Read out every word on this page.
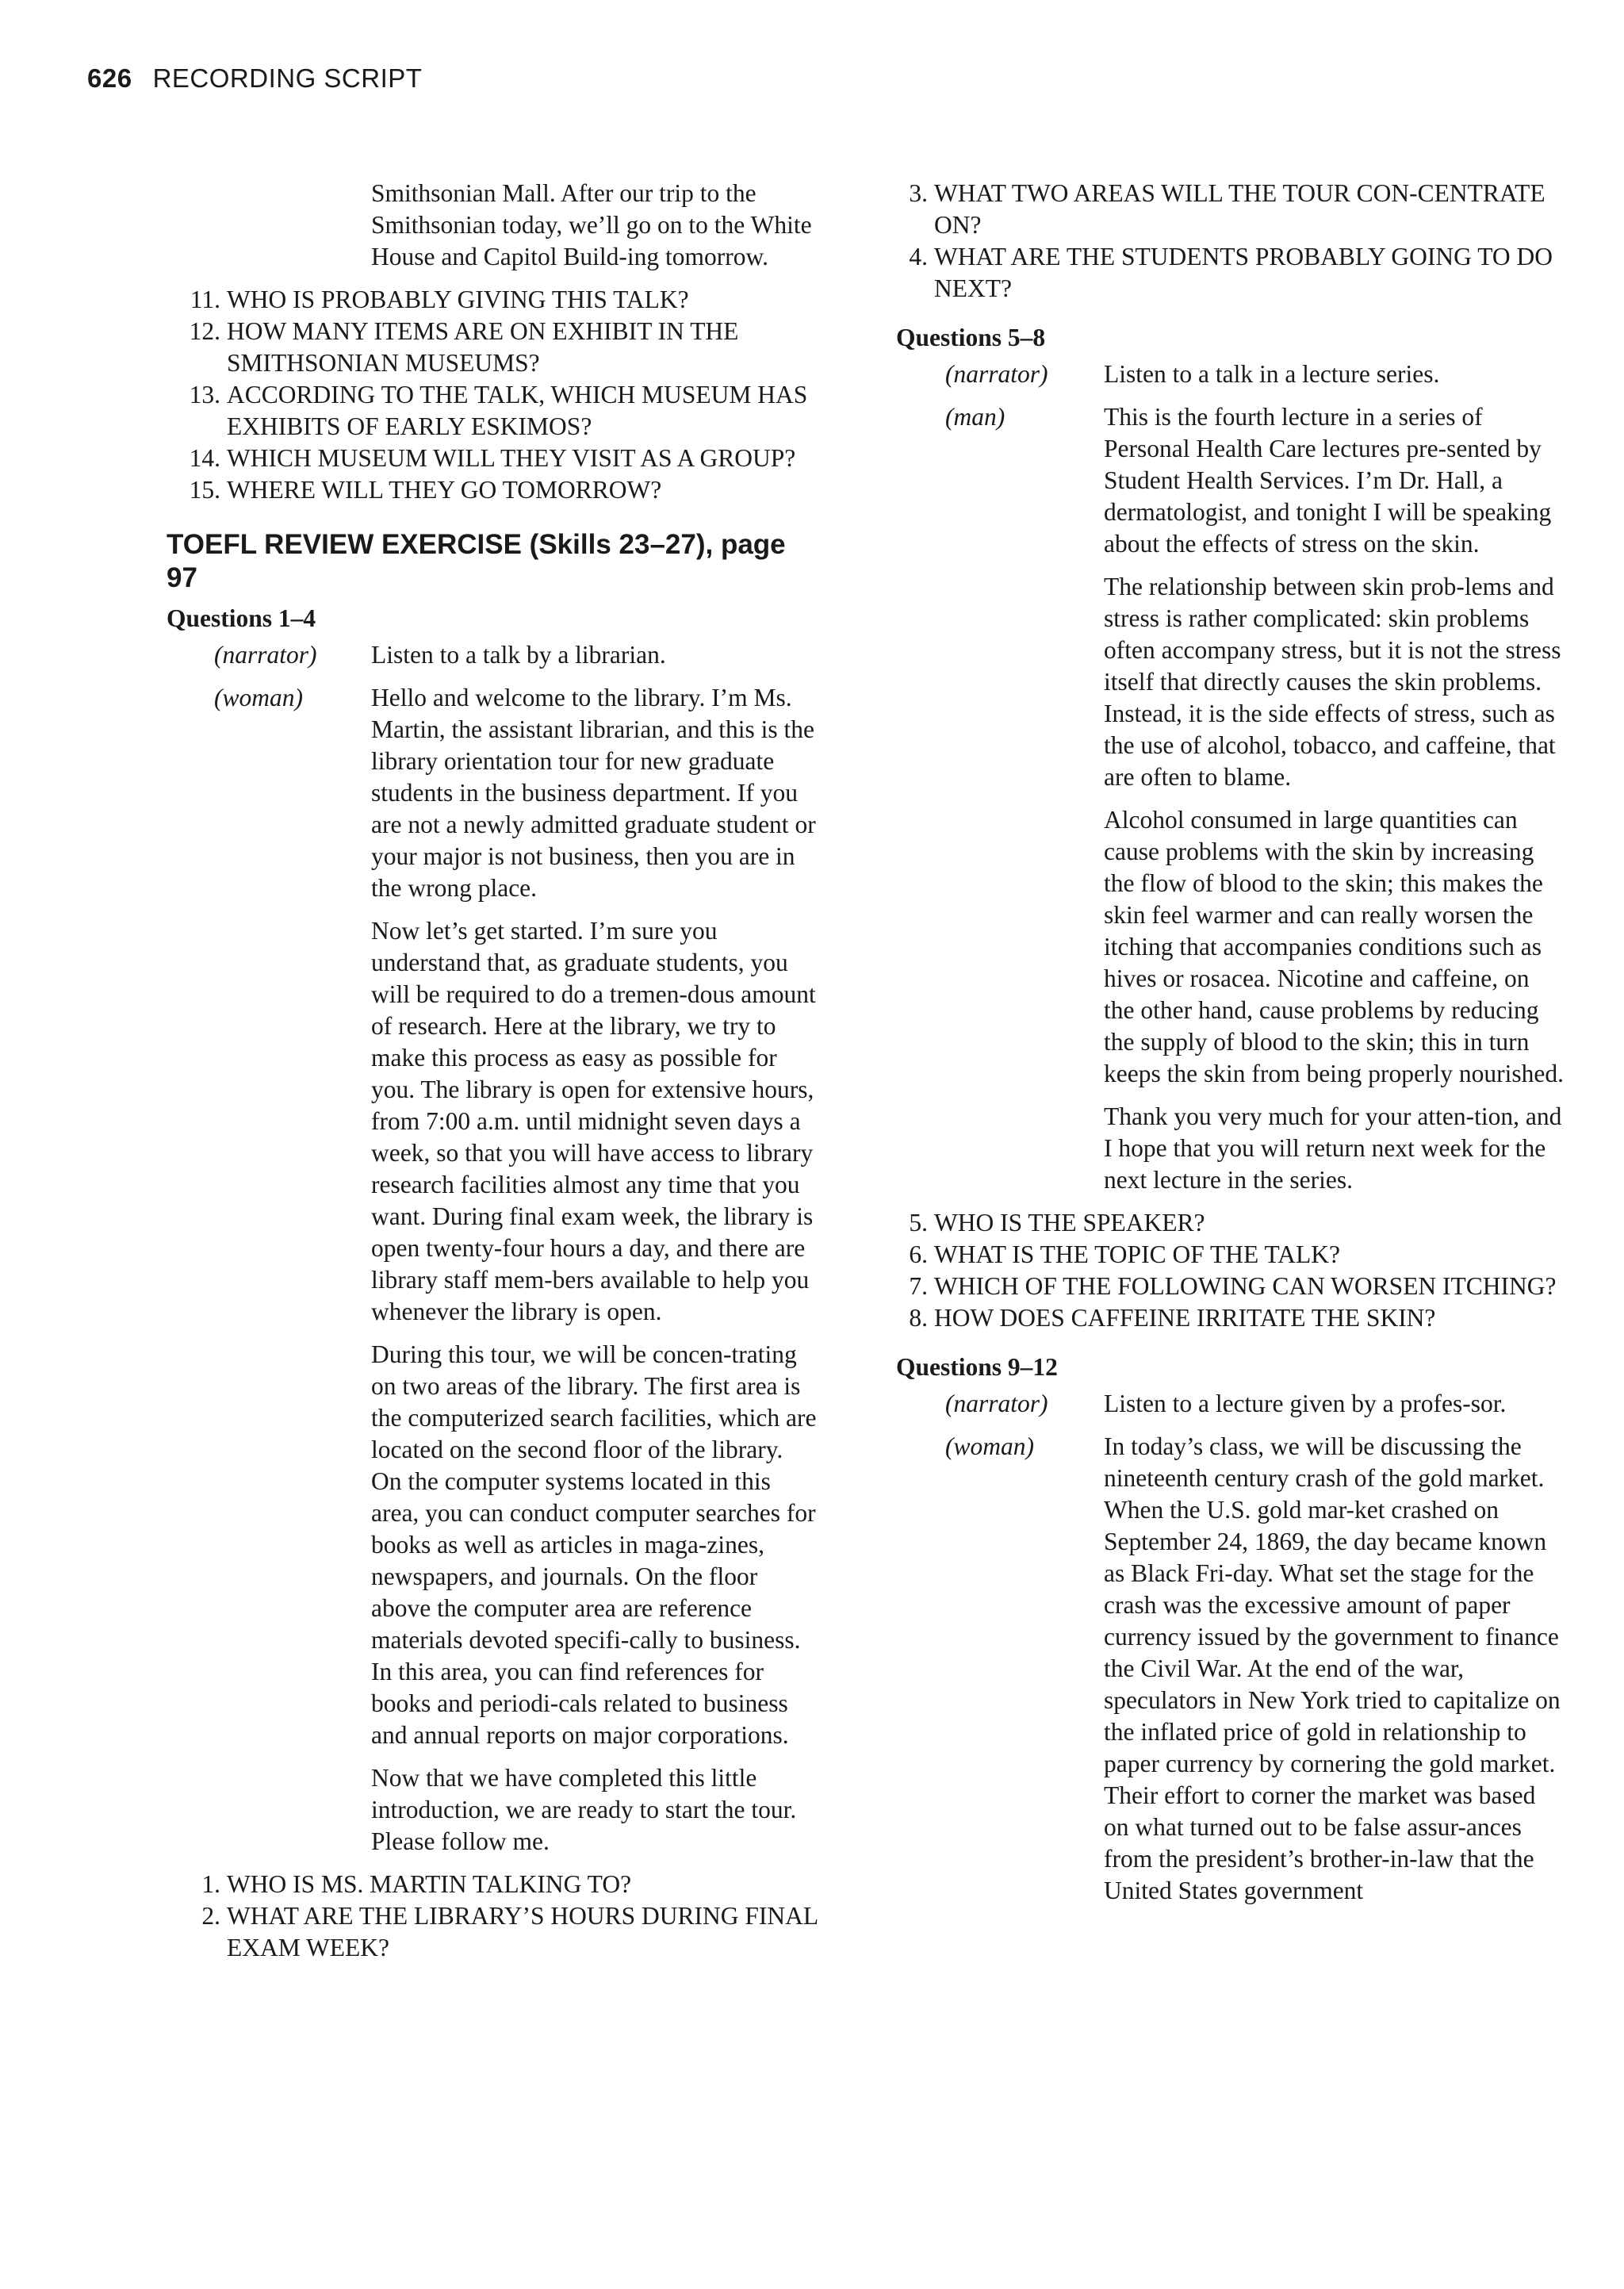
626 RECORDING SCRIPT

Smithsonian Mall. After our trip to the Smithsonian today, we’ll go on to the White House and Capitol Build-ing tomorrow.

11. WHO IS PROBABLY GIVING THIS TALK?
12. HOW MANY ITEMS ARE ON EXHIBIT IN THE SMITHSONIAN MUSEUMS?
13. ACCORDING TO THE TALK, WHICH MUSEUM HAS EXHIBITS OF EARLY ESKIMOS?
14. WHICH MUSEUM WILL THEY VISIT AS A GROUP?
15. WHERE WILL THEY GO TOMORROW?
TOEFL REVIEW EXERCISE (Skills 23–27), page 97
Questions 1–4
(narrator)	Listen to a talk by a librarian.

(woman)	Hello and welcome to the library. I’m Ms. Martin, the assistant librarian, and this is the library orientation tour for new graduate students in the business department. If you are not a newly admitted graduate student or your major is not business, then you are in the wrong place.

Now let’s get started. I’m sure you understand that, as graduate students, you will be required to do a tremen-dous amount of research. Here at the library, we try to make this process as easy as possible for you. The library is open for extensive hours, from 7:00 a.m. until midnight seven days a week, so that you will have access to library research facilities almost any time that you want. During final exam week, the library is open twenty-four hours a day, and there are library staff mem-bers available to help you whenever the library is open.

During this tour, we will be concen-trating on two areas of the library. The first area is the computerized search facilities, which are located on the second floor of the library. On the computer systems located in this area, you can conduct computer searches for books as well as articles in maga-zines, newspapers, and journals. On the floor above the computer area are reference materials devoted specifi-cally to business. In this area, you can find references for books and periodi-cals related to business and annual reports on major corporations.

Now that we have completed this little introduction, we are ready to start the tour. Please follow me.

1. WHO IS MS. MARTIN TALKING TO?
2. WHAT ARE THE LIBRARY’S HOURS DURING FINAL EXAM WEEK?
3. WHAT TWO AREAS WILL THE TOUR CON-CENTRATE ON?
4. WHAT ARE THE STUDENTS PROBABLY GOING TO DO NEXT?
Questions 5–8
(narrator)	Listen to a talk in a lecture series.

(man)	This is the fourth lecture in a series of Personal Health Care lectures pre-sented by Student Health Services. I’m Dr. Hall, a dermatologist, and tonight I will be speaking about the effects of stress on the skin.

The relationship between skin prob-lems and stress is rather complicated: skin problems often accompany stress, but it is not the stress itself that directly causes the skin problems. Instead, it is the side effects of stress, such as the use of alcohol, tobacco, and caffeine, that are often to blame.

Alcohol consumed in large quantities can cause problems with the skin by increasing the flow of blood to the skin; this makes the skin feel warmer and can really worsen the itching that accompanies conditions such as hives or rosacea. Nicotine and caffeine, on the other hand, cause problems by reducing the supply of blood to the skin; this in turn keeps the skin from being properly nourished.

Thank you very much for your atten-tion, and I hope that you will return next week for the next lecture in the series.

5. WHO IS THE SPEAKER?
6. WHAT IS THE TOPIC OF THE TALK?
7. WHICH OF THE FOLLOWING CAN WORSEN ITCHING?
8. HOW DOES CAFFEINE IRRITATE THE SKIN?
Questions 9–12
(narrator)	Listen to a lecture given by a profes-sor.

(woman)	In today’s class, we will be discussing the nineteenth century crash of the gold market. When the U.S. gold mar-ket crashed on September 24, 1869, the day became known as Black Fri-day. What set the stage for the crash was the excessive amount of paper currency issued by the government to finance the Civil War. At the end of the war, speculators in New York tried to capitalize on the inflated price of gold in relationship to paper currency by cornering the gold market. Their effort to corner the market was based on what turned out to be false assur-ances from the president’s brother-in-law that the United States government
